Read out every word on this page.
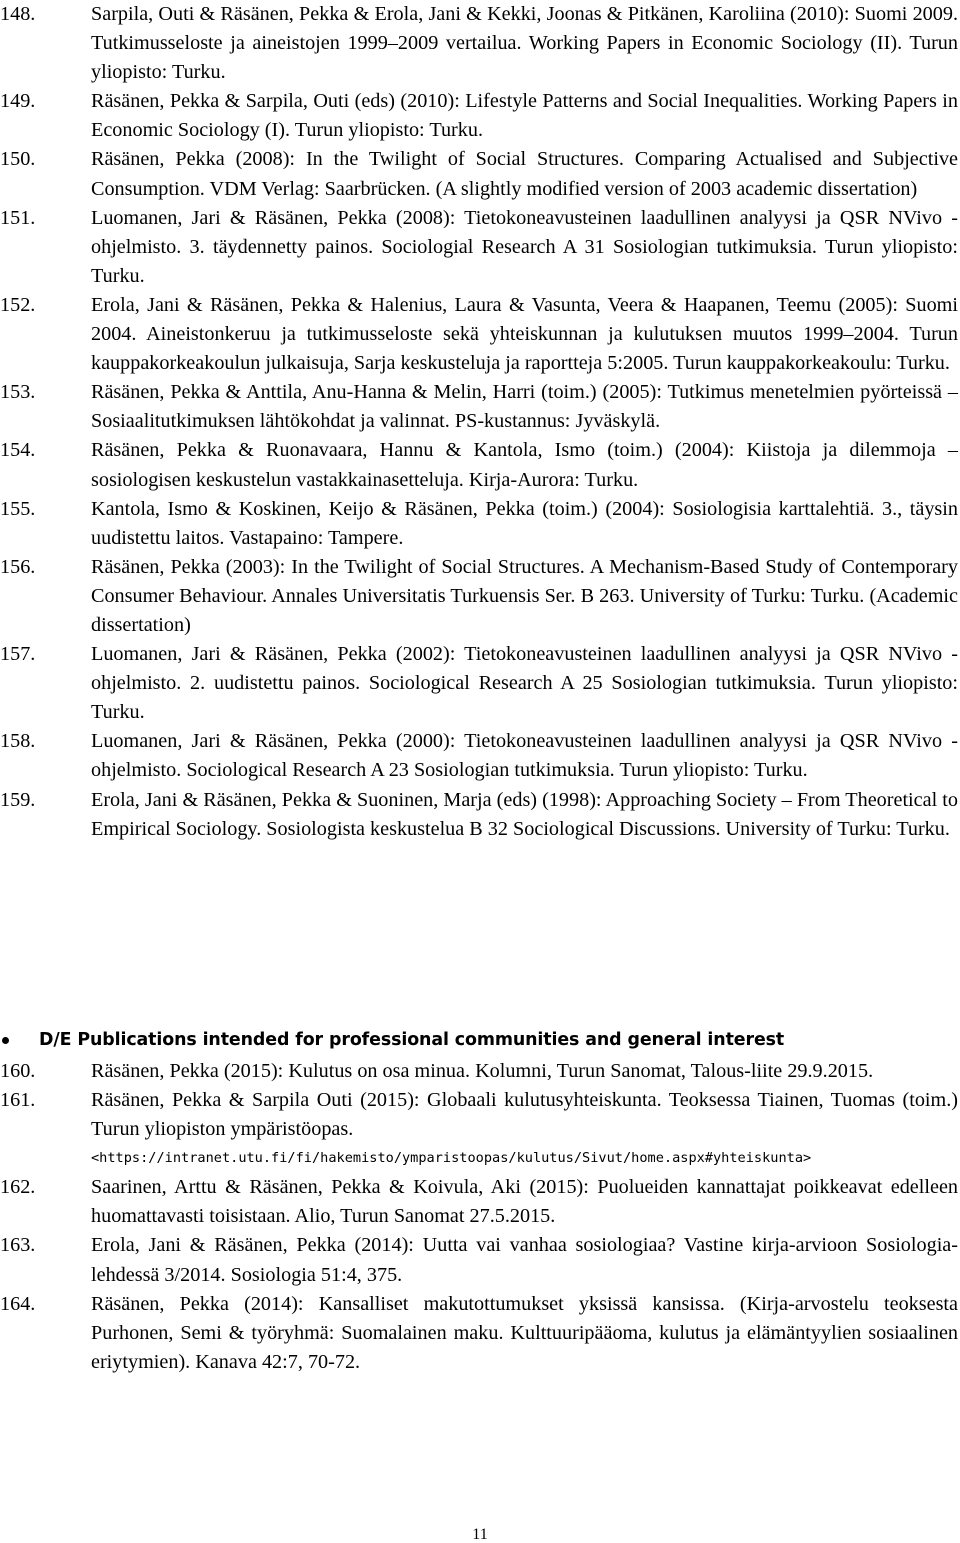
148.	Sarpila, Outi & Räsänen, Pekka & Erola, Jani & Kekki, Joonas & Pitkänen, Karoliina (2010): Suomi 2009. Tutkimusseloste ja aineistojen 1999–2009 vertailua. Working Papers in Economic Sociology (II). Turun yliopisto: Turku.
149.	Räsänen, Pekka & Sarpila, Outi (eds) (2010): Lifestyle Patterns and Social Inequalities. Working Papers in Economic Sociology (I). Turun yliopisto: Turku.
150.	Räsänen, Pekka (2008): In the Twilight of Social Structures. Comparing Actualised and Subjective Consumption. VDM Verlag: Saarbrücken. (A slightly modified version of 2003 academic dissertation)
151.	Luomanen, Jari & Räsänen, Pekka (2008): Tietokoneavusteinen laadullinen analyysi ja QSR NVivo -ohjelmisto. 3. täydennetty painos. Sociologial Research A 31 Sosiologian tutkimuksia. Turun yliopisto: Turku.
152.	Erola, Jani & Räsänen, Pekka & Halenius, Laura & Vasunta, Veera & Haapanen, Teemu (2005): Suomi 2004. Aineistonkeruu ja tutkimusseloste sekä yhteiskunnan ja kulutuksen muutos 1999–2004. Turun kauppakorkeakoulun julkaisuja, Sarja keskusteluja ja raportteja 5:2005. Turun kauppakorkeakoulu: Turku.
153.	Räsänen, Pekka & Anttila, Anu-Hanna & Melin, Harri (toim.) (2005): Tutkimus menetelmien pyörteissä – Sosiaalitutkimuksen lähtökohdat ja valinnat. PS-kustannus: Jyväskylä.
154.	Räsänen, Pekka & Ruonavaara, Hannu & Kantola, Ismo (toim.) (2004): Kiistoja ja dilemmoja – sosiologisen keskustelun vastakkainasetteluja. Kirja-Aurora: Turku.
155.	Kantola, Ismo & Koskinen, Keijo & Räsänen, Pekka (toim.) (2004): Sosiologisia karttalehtiä. 3., täysin uudistettu laitos. Vastapaino: Tampere.
156.	Räsänen, Pekka (2003): In the Twilight of Social Structures. A Mechanism-Based Study of Contemporary Consumer Behaviour. Annales Universitatis Turkuensis Ser. B 263. University of Turku: Turku. (Academic dissertation)
157.	Luomanen, Jari & Räsänen, Pekka (2002): Tietokoneavusteinen laadullinen analyysi ja QSR NVivo -ohjelmisto. 2. uudistettu painos. Sociological Research A 25 Sosiologian tutkimuksia. Turun yliopisto: Turku.
158.	Luomanen, Jari & Räsänen, Pekka (2000): Tietokoneavusteinen laadullinen analyysi ja QSR NVivo -ohjelmisto. Sociological Research A 23 Sosiologian tutkimuksia. Turun yliopisto: Turku.
159.	Erola, Jani & Räsänen, Pekka & Suoninen, Marja (eds) (1998): Approaching Society – From Theoretical to Empirical Sociology. Sosiologista keskustelua B 32 Sociological Discussions. University of Turku: Turku.
D/E Publications intended for professional communities and general interest
160.	Räsänen, Pekka (2015): Kulutus on osa minua. Kolumni, Turun Sanomat, Talous-liite 29.9.2015.
161.	Räsänen, Pekka & Sarpila Outi (2015): Globaali kulutusyhteiskunta. Teoksessa Tiainen, Tuomas (toim.) Turun yliopiston ympäristöopas.
<https://intranet.utu.fi/fi/hakemisto/ymparistoopas/kulutus/Sivut/home.aspx#yhteiskunta>
162.	Saarinen, Arttu & Räsänen, Pekka & Koivula, Aki (2015): Puolueiden kannattajat poikkeavat edelleen huomattavasti toisistaan. Alio, Turun Sanomat 27.5.2015.
163.	Erola, Jani & Räsänen, Pekka (2014): Uutta vai vanhaa sosiologiaa? Vastine kirja-arvioon Sosiologia-lehdessä 3/2014. Sosiologia 51:4, 375.
164.	Räsänen, Pekka (2014): Kansalliset makutottumukset yksissä kansissa. (Kirja-arvostelu teoksesta Purhonen, Semi & työryhmä: Suomalainen maku. Kulttuuripääoma, kulutus ja elämäntyylien sosiaalinen eriytymien). Kanava 42:7, 70-72.
11
